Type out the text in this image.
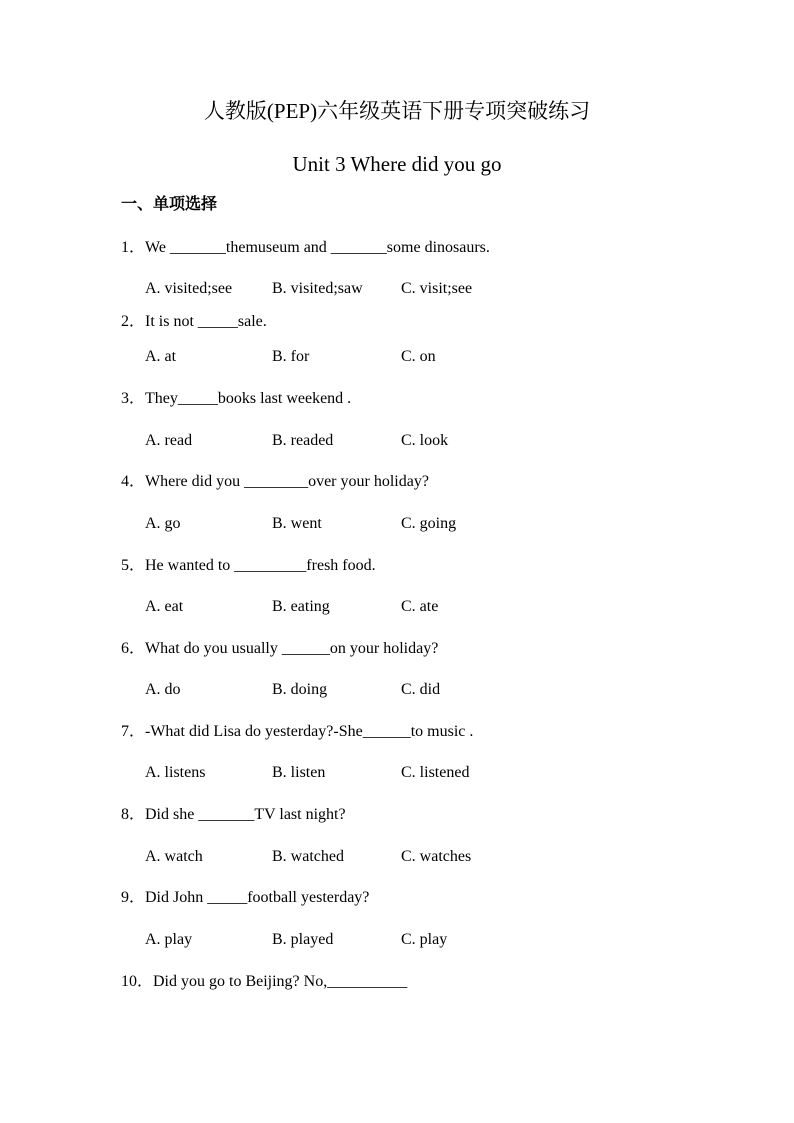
人教版(PEP)六年级英语下册专项突破练习
Unit 3 Where did you go
一、单项选择
1．We _______themuseum and _______some dinosaurs.
A. visited;see B. visited;saw C. visit;see
2．It is not _____sale.
A. at	B. for	C. on
3．They_____books last weekend .
A. read	B. readed	C. look
4．Where did you ________over your holiday?
A. go	B. went	C. going
5．He wanted to _________fresh food.
A. eat	B. eating	C. ate
6．What do you usually ______on your holiday?
A. do	B. doing	C. did
7．-What did Lisa do yesterday?-She______to music .
A. listens	B. listen	C. listened
8．Did she _______TV last night?
A. watch	B. watched	C. watches
9．Did John _____football yesterday?
A. play	B. played	C. play
10．Did you go to Beijing? No,__________
